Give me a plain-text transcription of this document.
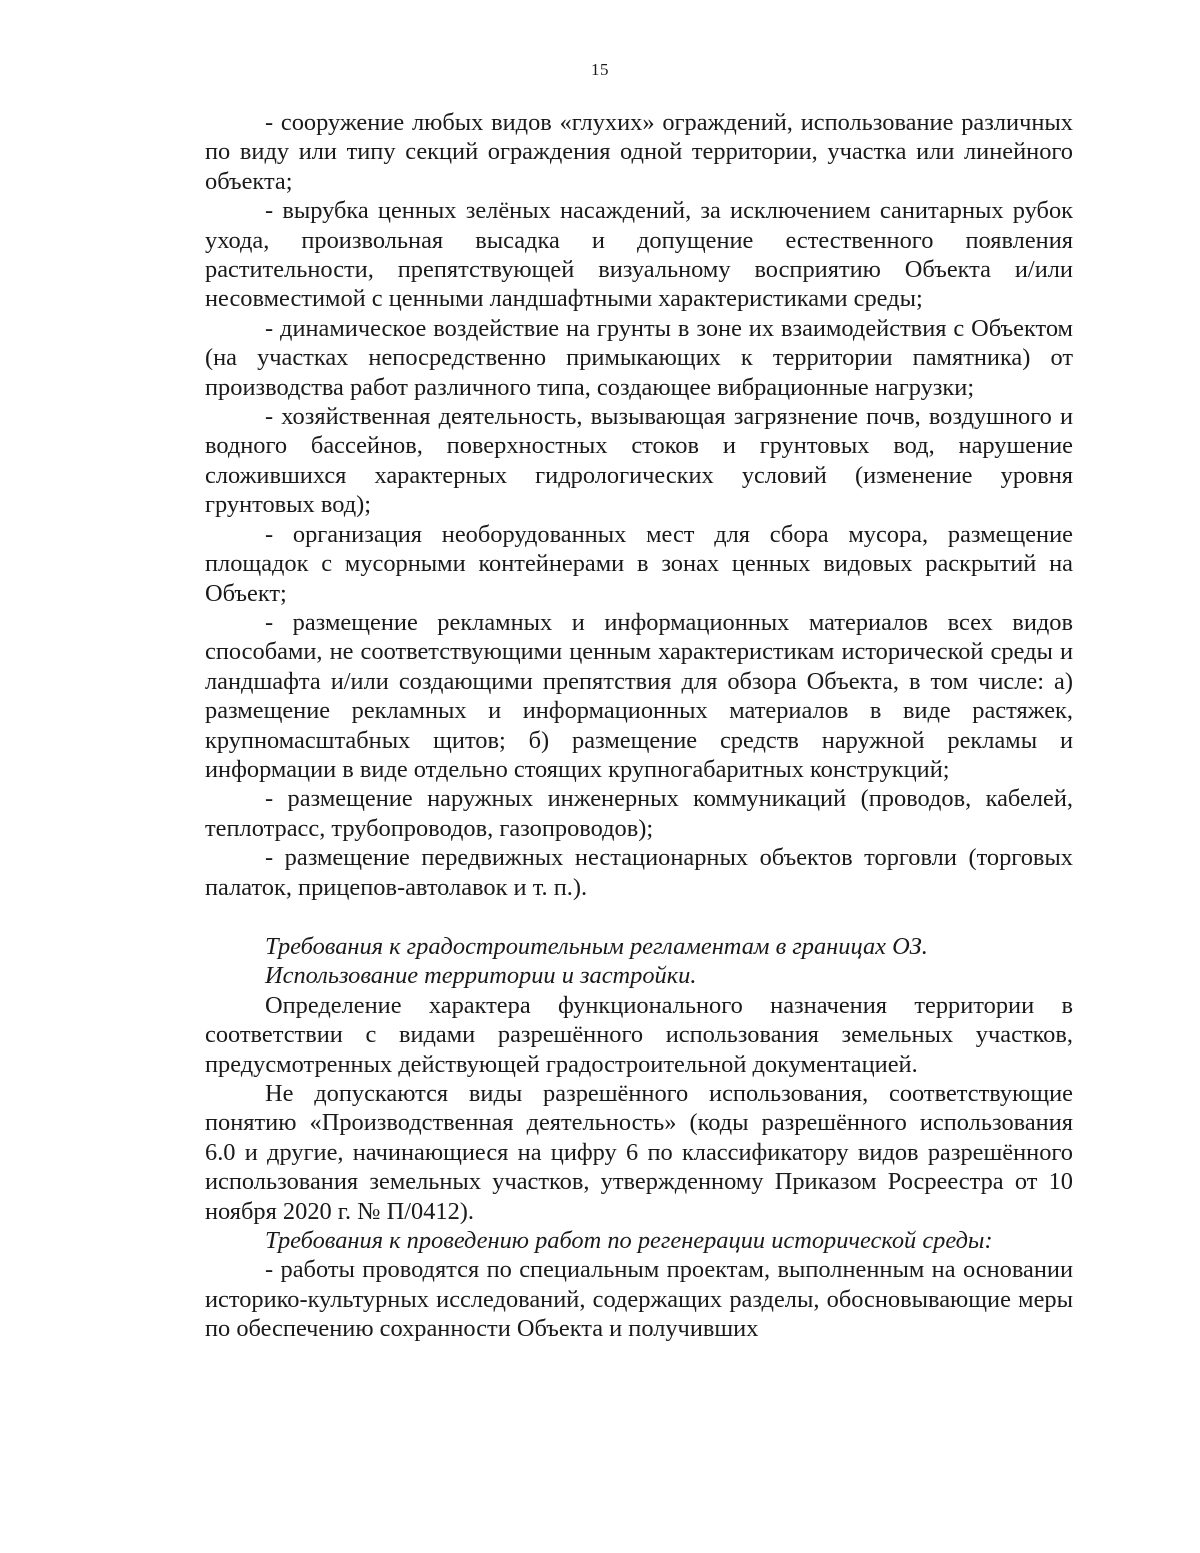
15

- сооружение любых видов «глухих» ограждений, использование различных по виду или типу секций ограждения одной территории, участка или линейного объекта;

- вырубка ценных зелёных насаждений, за исключением санитарных рубок ухода, произвольная высадка и допущение естественного появления растительности, препятствующей визуальному восприятию Объекта и/или несовместимой с ценными ландшафтными характеристиками среды;

- динамическое воздействие на грунты в зоне их взаимодействия с Объектом (на участках непосредственно примыкающих к территории памятника) от производства работ различного типа, создающее вибрационные нагрузки;

- хозяйственная деятельность, вызывающая загрязнение почв, воздушного и водного бассейнов, поверхностных стоков и грунтовых вод, нарушение сложившихся характерных гидрологических условий (изменение уровня грунтовых вод);

- организация необорудованных мест для сбора мусора, размещение площадок с мусорными контейнерами в зонах ценных видовых раскрытий на Объект;

- размещение рекламных и информационных материалов всех видов способами, не соответствующими ценным характеристикам исторической среды и ландшафта и/или создающими препятствия для обзора Объекта, в том числе: а) размещение рекламных и информационных материалов в виде растяжек, крупномасштабных щитов; б) размещение средств наружной рекламы и информации в виде отдельно стоящих крупногабаритных конструкций;

- размещение наружных инженерных коммуникаций (проводов, кабелей, теплотрасс, трубопроводов, газопроводов);

- размещение передвижных нестационарных объектов торговли (торговых палаток, прицепов-автолавок и т. п.).

Требования к градостроительным регламентам в границах ОЗ.

Использование территории и застройки.

Определение характера функционального назначения территории в соответствии с видами разрешённого использования земельных участков, предусмотренных действующей градостроительной документацией.

Не допускаются виды разрешённого использования, соответствующие понятию «Производственная деятельность» (коды разрешённого использования 6.0 и другие, начинающиеся на цифру 6 по классификатору видов разрешённого использования земельных участков, утвержденному Приказом Росреестра от 10 ноября 2020 г. № П/0412).

Требования к проведению работ по регенерации исторической среды:

- работы проводятся по специальным проектам, выполненным на основании историко-культурных исследований, содержащих разделы, обосновывающие меры по обеспечению сохранности Объекта и получивших
